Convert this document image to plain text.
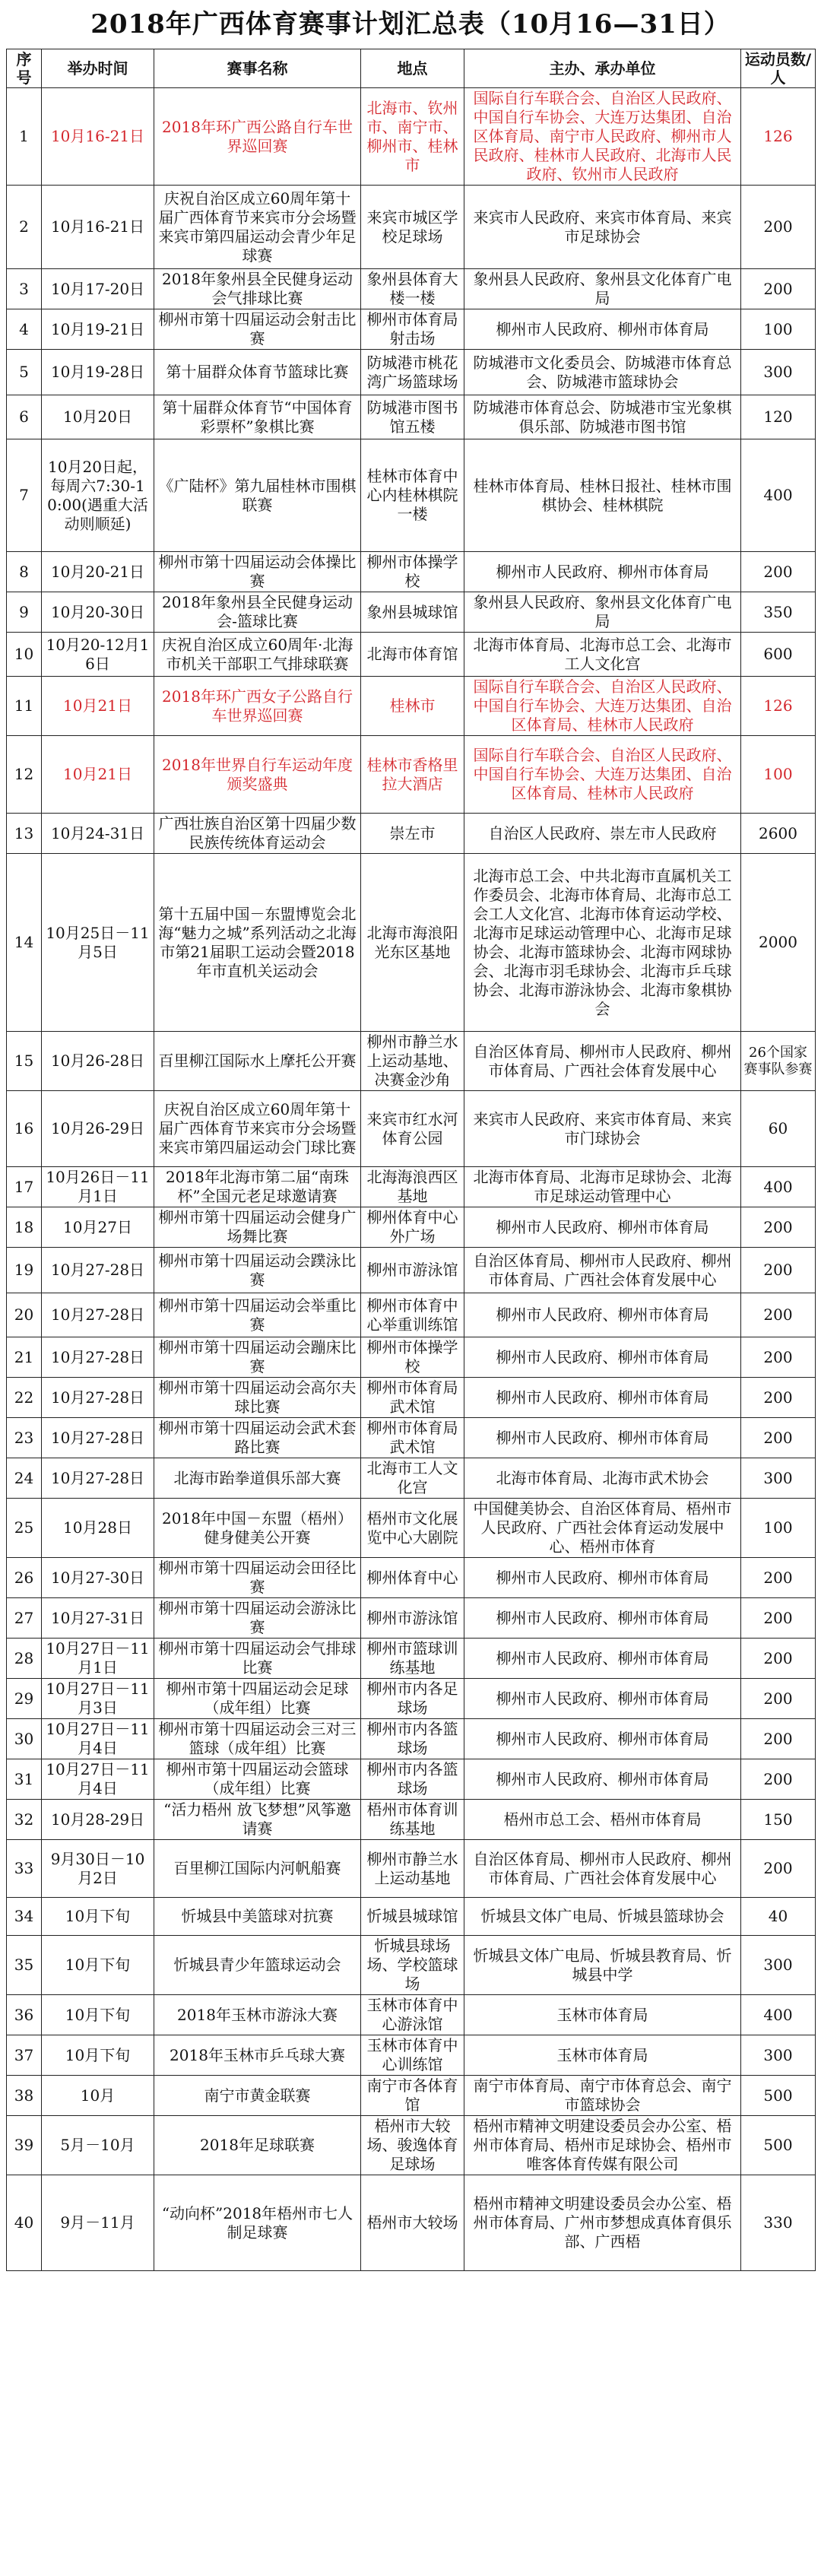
2018年广西体育赛事计划汇总表（10月16—31日）
序号	举办时间	赛事名称	地点	主办、承办单位	运动员数/人
1	10月16-21日	2018年环广西公路自行车世界巡回赛	北海市、钦州市、南宁市、柳州市、桂林市	国际自行车联合会、自治区人民政府、中国自行车协会、大连万达集团、自治区体育局、南宁市人民政府、柳州市人民政府、桂林市人民政府、北海市人民政府、钦州市人民政府	126
2	10月16-21日	庆祝自治区成立60周年第十届广西体育节来宾市分会场暨来宾市第四届运动会青少年足球赛	来宾市城区学校足球场	来宾市人民政府、来宾市体育局、来宾市足球协会	200
3	10月17-20日	2018年象州县全民健身运动会气排球比赛	象州县体育大楼一楼	象州县人民政府、象州县文化体育广电局	200
4	10月19-21日	柳州市第十四届运动会射击比赛	柳州市体育局射击场	柳州市人民政府、柳州市体育局	100
5	10月19-28日	第十届群众体育节篮球比赛	防城港市桃花湾广场篮球场	防城港市文化委员会、防城港市体育总会、防城港市篮球协会	300
6	10月20日	第十届群众体育节“中国体育彩票杯”象棋比赛	防城港市图书馆五楼	防城港市体育总会、防城港市宝光象棋俱乐部、防城港市图书馆	120
7	10月20日起，每周六7:30-10:00(遇重大活动则顺延)	《广陆杯》第九届桂林市围棋联赛	桂林市体育中心内桂林棋院一楼	桂林市体育局、桂林日报社、桂林市围棋协会、桂林棋院	400
8	10月20-21日	柳州市第十四届运动会体操比赛	柳州市体操学校	柳州市人民政府、柳州市体育局	200
9	10月20-30日	2018年象州县全民健身运动会-篮球比赛	象州县城球馆	象州县人民政府、象州县文化体育广电局	350
10	10月20-12月16日	庆祝自治区成立60周年·北海市机关干部职工气排球联赛	北海市体育馆	北海市体育局、北海市总工会、北海市工人文化宫	600
11	10月21日	2018年环广西女子公路自行车世界巡回赛	桂林市	国际自行车联合会、自治区人民政府、中国自行车协会、大连万达集团、自治区体育局、桂林市人民政府	126
12	10月21日	2018年世界自行车运动年度颁奖盛典	桂林市香格里拉大酒店	国际自行车联合会、自治区人民政府、中国自行车协会、大连万达集团、自治区体育局、桂林市人民政府	100
13	10月24-31日	广西壮族自治区第十四届少数民族传统体育运动会	崇左市	自治区人民政府、崇左市人民政府	2600
14	10月25日－11月5日	第十五届中国－东盟博览会北海“魅力之城”系列活动之北海市第21届职工运动会暨2018年市直机关运动会	北海市海浪阳光东区基地	北海市总工会、中共北海市直属机关工作委员会、北海市体育局、北海市总工会工人文化宫、北海市体育运动学校、北海市足球运动管理中心、北海市足球协会、北海市篮球协会、北海市网球协会、北海市羽毛球协会、北海市乒乓球协会、北海市游泳协会、北海市象棋协会	2000
15	10月26-28日	百里柳江国际水上摩托公开赛	柳州市静兰水上运动基地、决赛金沙角	自治区体育局、柳州市人民政府、柳州市体育局、广西社会体育发展中心	26个国家赛事队参赛
16	10月26-29日	庆祝自治区成立60周年第十届广西体育节来宾市分会场暨来宾市第四届运动会门球比赛	来宾市红水河体育公园	来宾市人民政府、来宾市体育局、来宾市门球协会	60
17	10月26日－11月1日	2018年北海市第二届“南珠杯”全国元老足球邀请赛	北海海浪西区基地	北海市体育局、北海市足球协会、北海市足球运动管理中心	400
18	10月27日	柳州市第十四届运动会健身广场舞比赛	柳州体育中心外广场	柳州市人民政府、柳州市体育局	200
19	10月27-28日	柳州市第十四届运动会蹼泳比赛	柳州市游泳馆	自治区体育局、柳州市人民政府、柳州市体育局、广西社会体育发展中心	200
20	10月27-28日	柳州市第十四届运动会举重比赛	柳州市体育中心举重训练馆	柳州市人民政府、柳州市体育局	200
21	10月27-28日	柳州市第十四届运动会蹦床比赛	柳州市体操学校	柳州市人民政府、柳州市体育局	200
22	10月27-28日	柳州市第十四届运动会高尔夫球比赛	柳州市体育局武术馆	柳州市人民政府、柳州市体育局	200
23	10月27-28日	柳州市第十四届运动会武术套路比赛	柳州市体育局武术馆	柳州市人民政府、柳州市体育局	200
24	10月27-28日	北海市跆拳道俱乐部大赛	北海市工人文化宫	北海市体育局、北海市武术协会	300
25	10月28日	2018年中国－东盟（梧州）健身健美公开赛	梧州市文化展览中心大剧院	中国健美协会、自治区体育局、梧州市人民政府、广西社会体育运动发展中心、梧州市体育	100
26	10月27-30日	柳州市第十四届运动会田径比赛	柳州体育中心	柳州市人民政府、柳州市体育局	200
27	10月27-31日	柳州市第十四届运动会游泳比赛	柳州市游泳馆	柳州市人民政府、柳州市体育局	200
28	10月27日－11月1日	柳州市第十四届运动会气排球比赛	柳州市篮球训练基地	柳州市人民政府、柳州市体育局	200
29	10月27日－11月3日	柳州市第十四届运动会足球（成年组）比赛	柳州市内各足球场	柳州市人民政府、柳州市体育局	200
30	10月27日－11月4日	柳州市第十四届运动会三对三篮球（成年组）比赛	柳州市内各篮球场	柳州市人民政府、柳州市体育局	200
31	10月27日－11月4日	柳州市第十四届运动会篮球（成年组）比赛	柳州市内各篮球场	柳州市人民政府、柳州市体育局	200
32	10月28-29日	“活力梧州 放飞梦想”风筝邀请赛	梧州市体育训练基地	梧州市总工会、梧州市体育局	150
33	9月30日－10月2日	百里柳江国际内河帆船赛	柳州市静兰水上运动基地	自治区体育局、柳州市人民政府、柳州市体育局、广西社会体育发展中心	200
34	10月下旬	忻城县中美篮球对抗赛	忻城县城球馆	忻城县文体广电局、忻城县篮球协会	40
35	10月下旬	忻城县青少年篮球运动会	忻城县球场场、学校篮球场	忻城县文体广电局、忻城县教育局、忻城县中学	300
36	10月下旬	2018年玉林市游泳大赛	玉林市体育中心游泳馆	玉林市体育局	400
37	10月下旬	2018年玉林市乒乓球大赛	玉林市体育中心训练馆	玉林市体育局	300
38	10月	南宁市黄金联赛	南宁市各体育馆	南宁市体育局、南宁市体育总会、南宁市篮球协会	500
39	5月－10月	2018年足球联赛	梧州市大较场、骏逸体育足球场	梧州市精神文明建设委员会办公室、梧州市体育局、梧州市足球协会、梧州市唯客体育传媒有限公司	500
40	9月－11月	“动向杯”2018年梧州市七人制足球赛	梧州市大较场	梧州市精神文明建设委员会办公室、梧州市体育局、广州市梦想成真体育俱乐部、广西梧	330
